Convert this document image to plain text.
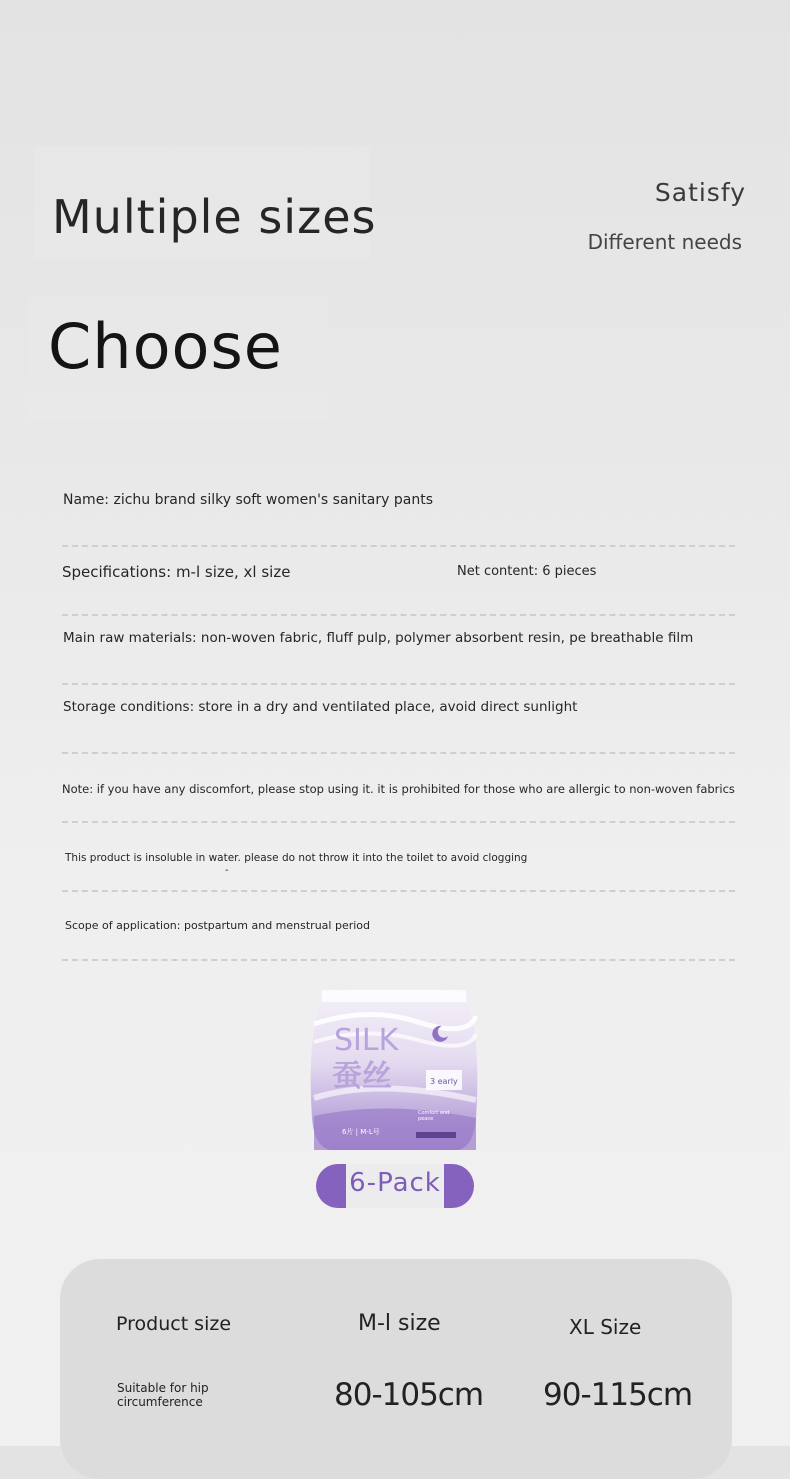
Multiple sizes
Choose
Satisfy
Different needs
Name: zichu brand silky soft women's sanitary pants
Specifications: m-l size, xl size	Net content: 6 pieces
Main raw materials: non-woven fabric, fluff pulp, polymer absorbent resin, pe breathable film
Storage conditions: store in a dry and ventilated place, avoid direct sunlight
Note: if you have any discomfort, please stop using it. it is prohibited for those who are allergic to non-woven fabrics
This product is insoluble in water. please do not throw it into the toilet to avoid clogging
-
Scope of application: postpartum and menstrual period
SILK
蚕丝	3 early
Comfort and
peace
6片 | M-L号
6-Pack
Product size	M-l size	XL Size
Suitable for hip
circumference	80-105cm 90-115cm
